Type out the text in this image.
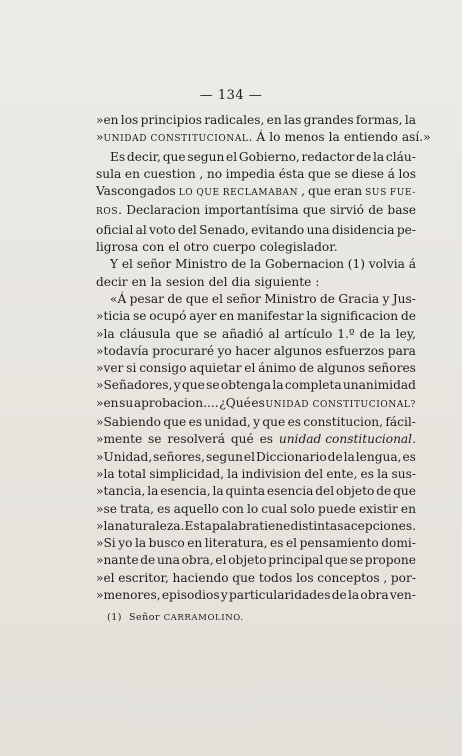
— 134 —
»en los principios radicales, en las grandes formas, la
»UNIDAD CONSTITUCIONAL. Á lo menos la entiendo así.»
Es decir, que segun el Gobierno, redactor de la cláu-
sula en cuestion , no impedia ésta que se diese á los
Vascongados LO QUE RECLAMABAN , que eran SUS FUE-
ROS. Declaracion importantísima que sirvió de base
oficial al voto del Senado, evitando una disidencia pe-
ligrosa con el otro cuerpo colegislador.
Y el señor Ministro de la Gobernacion (1) volvia á
decir en la sesion del dia siguiente :
«Á pesar de que el señor Ministro de Gracia y Jus-
»ticia se ocupó ayer en manifestar la significacion de
»la cláusula que se añadió al artículo 1.º de la ley,
»todavía procuraré yo hacer algunos esfuerzos para
»ver si consigo aquietar el ánimo de algunos señores
»Señadores, y que se obtenga la completa unanimidad
»en su aprobacion.... ¿Qué es UNIDAD CONSTITUCIONAL?
»Sabiendo que es unidad, y que es constitucion, fácil-
»mente se resolverá qué es unidad constitucional.
»Unidad, señores, segun el Diccionario de la lengua, es
»la total simplicidad, la indivision del ente, es la sus-
»tancia, la esencia, la quinta esencia del objeto de que
»se trata, es aquello con lo cual solo puede existir en
»la naturaleza. Esta palabra tiene distintas acepciones.
»Si yo la busco en literatura, es el pensamiento domi-
»nante de una obra, el objeto principal que se propone
»el escritor, haciendo que todos los conceptos , por-
»menores, episodios y particularidades de la obra ven-
(1) Señor CARRAMOLINO.
